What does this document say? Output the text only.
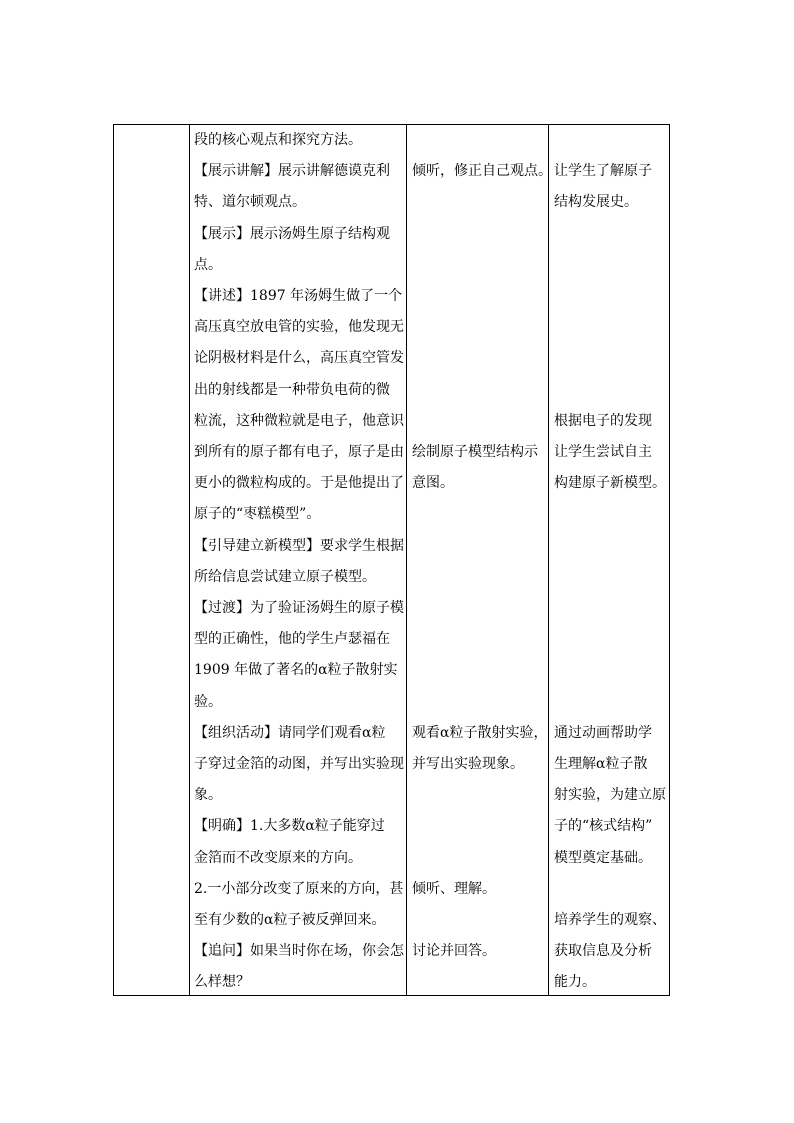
段的核心观点和探究方法。
【展示讲解】展示讲解德谟克利
特、道尔顿观点。
【展示】展示汤姆生原子结构观
点。
【讲述】1897 年汤姆生做了一个
高压真空放电管的实验，他发现无
论阴极材料是什么，高压真空管发
出的射线都是一种带负电荷的微
粒流，这种微粒就是电子，他意识
到所有的原子都有电子，原子是由
更小的微粒构成的。于是他提出了
原子的“枣糕模型”。
【引导建立新模型】要求学生根据
所给信息尝试建立原子模型。
【过渡】为了验证汤姆生的原子模
型的正确性，他的学生卢瑟福在
1909 年做了著名的α粒子散射实
验。
【组织活动】请同学们观看α粒
子穿过金箔的动图，并写出实验现
象。
【明确】1.大多数α粒子能穿过
金箔而不改变原来的方向。
2.一小部分改变了原来的方向，甚
至有少数的α粒子被反弹回来。
【追问】如果当时你在场，你会怎
么样想？
倾听，修正自己观点。
绘制原子模型结构示
意图。
观看α粒子散射实验，
并写出实验现象。
倾听、理解。
讨论并回答。
让学生了解原子
结构发展史。
根据电子的发现
让学生尝试自主
构建原子新模型。
通过动画帮助学
生理解α粒子散
射实验，为建立原
子的“核式结构”
模型奠定基础。
培养学生的观察、
获取信息及分析
能力。
